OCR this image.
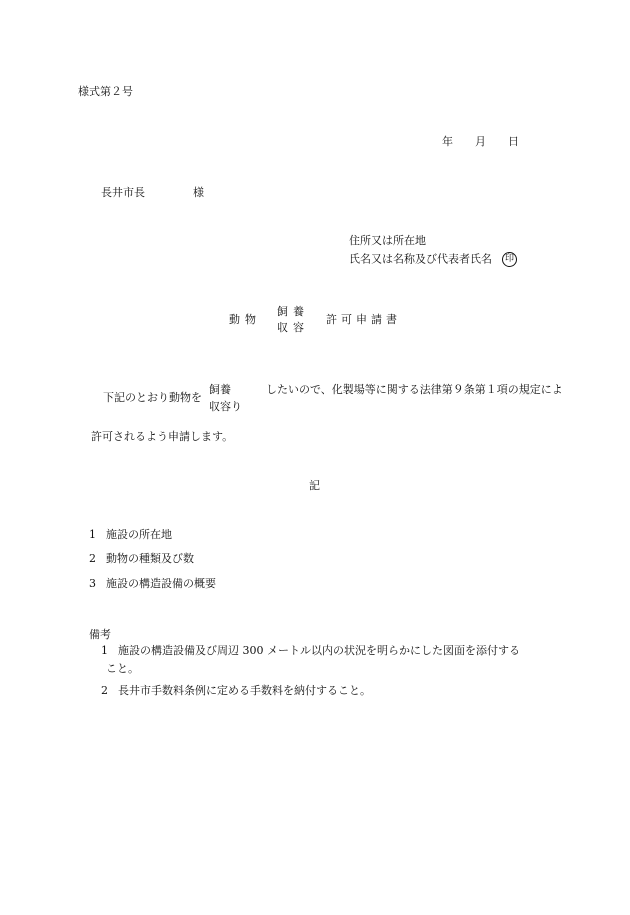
様式第２号
年 月 日
長井市長	様
住所又は所在地
氏名又は名称及び代表者氏名 印
動物
飼養
収容
許可申請書
下記のとおり動物を
飼養
収容り
したいので、化製場等に関する法律第９条第１項の規定によ
許可されるよう申請します。
記
1 施設の所在地
2 動物の種類及び数
3 施設の構造設備の概要
備考
1 施設の構造設備及び周辺 300 メートル以内の状況を明らかにした図面を添付する
こと。
2 長井市手数料条例に定める手数料を納付すること。
